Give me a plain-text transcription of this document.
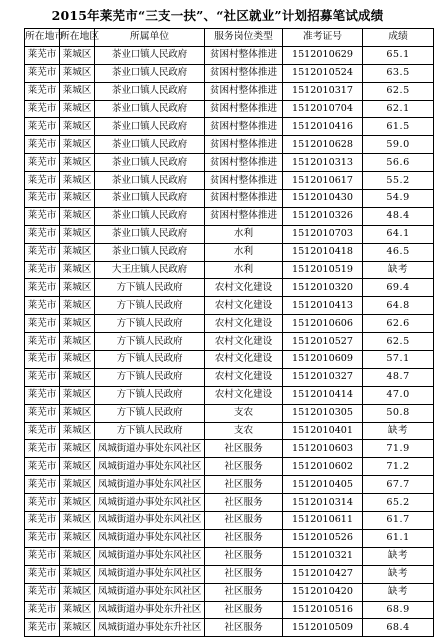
2015年莱芜市“三支一扶”、“社区就业”计划招募笔试成绩
所在地市	所在地区	所属单位	服务岗位类型	准考证号	成绩
莱芜市	莱城区	茶业口镇人民政府	贫困村整体推进	1512010629	65.1
莱芜市	莱城区	茶业口镇人民政府	贫困村整体推进	1512010524	63.5
莱芜市	莱城区	茶业口镇人民政府	贫困村整体推进	1512010317	62.5
莱芜市	莱城区	茶业口镇人民政府	贫困村整体推进	1512010704	62.1
莱芜市	莱城区	茶业口镇人民政府	贫困村整体推进	1512010416	61.5
莱芜市	莱城区	茶业口镇人民政府	贫困村整体推进	1512010628	59.0
莱芜市	莱城区	茶业口镇人民政府	贫困村整体推进	1512010313	56.6
莱芜市	莱城区	茶业口镇人民政府	贫困村整体推进	1512010617	55.2
莱芜市	莱城区	茶业口镇人民政府	贫困村整体推进	1512010430	54.9
莱芜市	莱城区	茶业口镇人民政府	贫困村整体推进	1512010326	48.4
莱芜市	莱城区	茶业口镇人民政府	水利	1512010703	64.1
莱芜市	莱城区	茶业口镇人民政府	水利	1512010418	46.5
莱芜市	莱城区	大王庄镇人民政府	水利	1512010519	缺考
莱芜市	莱城区	方下镇人民政府	农村文化建设	1512010320	69.4
莱芜市	莱城区	方下镇人民政府	农村文化建设	1512010413	64.8
莱芜市	莱城区	方下镇人民政府	农村文化建设	1512010606	62.6
莱芜市	莱城区	方下镇人民政府	农村文化建设	1512010527	62.5
莱芜市	莱城区	方下镇人民政府	农村文化建设	1512010609	57.1
莱芜市	莱城区	方下镇人民政府	农村文化建设	1512010327	48.7
莱芜市	莱城区	方下镇人民政府	农村文化建设	1512010414	47.0
莱芜市	莱城区	方下镇人民政府	支农	1512010305	50.8
莱芜市	莱城区	方下镇人民政府	支农	1512010401	缺考
莱芜市	莱城区	凤城街道办事处东风社区	社区服务	1512010603	71.9
莱芜市	莱城区	凤城街道办事处东风社区	社区服务	1512010602	71.2
莱芜市	莱城区	凤城街道办事处东风社区	社区服务	1512010405	67.7
莱芜市	莱城区	凤城街道办事处东风社区	社区服务	1512010314	65.2
莱芜市	莱城区	凤城街道办事处东风社区	社区服务	1512010611	61.7
莱芜市	莱城区	凤城街道办事处东风社区	社区服务	1512010526	61.1
莱芜市	莱城区	凤城街道办事处东风社区	社区服务	1512010321	缺考
莱芜市	莱城区	凤城街道办事处东风社区	社区服务	1512010427	缺考
莱芜市	莱城区	凤城街道办事处东风社区	社区服务	1512010420	缺考
莱芜市	莱城区	凤城街道办事处东升社区	社区服务	1512010516	68.9
莱芜市	莱城区	凤城街道办事处东升社区	社区服务	1512010509	68.4
